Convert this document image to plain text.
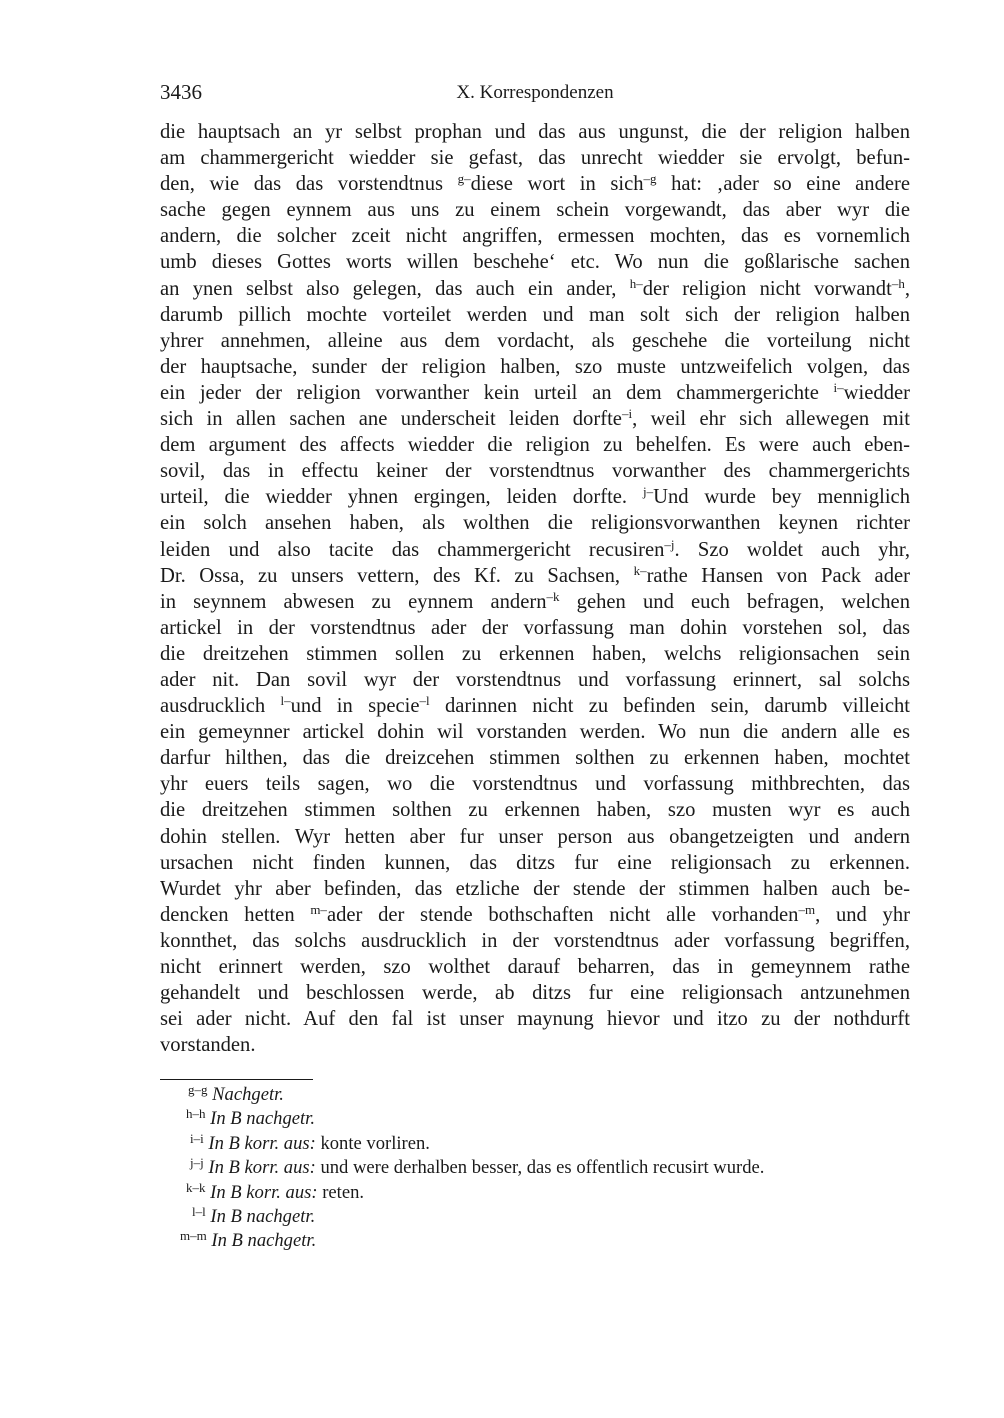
3436	X. Korrespondenzen
die hauptsach an yr selbst prophan und das aus ungunst, die der religion halben
am chammergericht wiedder sie gefast, das unrecht wiedder sie ervolgt, befun-
den, wie das das vorstendtnus $^{g-}$diese wort in sich$^{-g}$ hat: ‚ader so eine andere
sache gegen eynnem aus uns zu einem schein vorgewandt, das aber wyr die
andern, die solcher zceit nicht angriffen, ermessen mochten, das es vornemlich
umb dieses Gottes worts willen beschehe‘ etc. Wo nun die goßlarische sachen
an ynen selbst also gelegen, das auch ein ander, $^{h-}$der religion nicht vorwandt$^{-h}$,
darumb pillich mochte vorteilet werden und man solt sich der religion halben
yhrer annehmen, alleine aus dem vordacht, als geschehe die vorteilung nicht
der hauptsache, sunder der religion halben, szo muste untzweifelich volgen, das
ein jeder der religion vorwanther kein urteil an dem chammergerichte $^{i-}$wiedder
sich in allen sachen ane underscheit leiden dorfte$^{-i}$, weil ehr sich allewegen mit
dem argument des affects wiedder die religion zu behelfen. Es were auch eben-
sovil, das in effectu keiner der vorstendtnus vorwanther des chammergerichts
urteil, die wiedder yhnen ergingen, leiden dorfte. $^{j-}$Und wurde bey menniglich
ein solch ansehen haben, als wolthen die religionsvorwanthen keynen richter
leiden und also tacite das chammergericht recusiren$^{-j}$. Szo woldet auch yhr,
Dr. Ossa, zu unsers vettern, des Kf. zu Sachsen, $^{k-}$rathe Hansen von Pack ader
in seynnem abwesen zu eynnem andern$^{-k}$ gehen und euch befragen, welchen
artickel in der vorstendtnus ader der vorfassung man dohin vorstehen sol, das
die dreitzehen stimmen sollen zu erkennen haben, welchs religionsachen sein
ader nit. Dan sovil wyr der vorstendtnus und vorfassung erinnert, sal solchs
ausdrucklich $^{l-}$und in specie$^{-l}$ darinnen nicht zu befinden sein, darumb villeicht
ein gemeynner artickel dohin wil vorstanden werden. Wo nun die andern alle es
darfur hilthen, das die dreizcehen stimmen solthen zu erkennen haben, mochtet
yhr euers teils sagen, wo die vorstendtnus und vorfassung mithbrechten, das
die dreitzehen stimmen solthen zu erkennen haben, szo musten wyr es auch
dohin stellen. Wyr hetten aber fur unser person aus obangetzeigten und andern
ursachen nicht finden kunnen, das ditzs fur eine religionsach zu erkennen.
Wurdet yhr aber befinden, das etzliche der stende der stimmen halben auch be-
dencken hetten $^{m-}$ader der stende bothschaften nicht alle vorhanden$^{-m}$, und yhr
konnthet, das solchs ausdrucklich in der vorstendtnus ader vorfassung begriffen,
nicht erinnert werden, szo wolthet darauf beharren, das in gemeynnem rathe
gehandelt und beschlossen werde, ab ditzs fur eine religionsach antzunehmen
sei ader nicht. Auf den fal ist unser maynung hievor und itzo zu der nothdurft
vorstanden.
$^{g-g}$ Nachgetr.
$^{h-h}$ In B nachgetr.
$^{i-i}$ In B korr. aus: konte vorliren.
$^{j-j}$ In B korr. aus: und were derhalben besser, das es offentlich recusirt wurde.
$^{k-k}$ In B korr. aus: reten.
$^{l-l}$ In B nachgetr.
$^{m-m}$ In B nachgetr.
